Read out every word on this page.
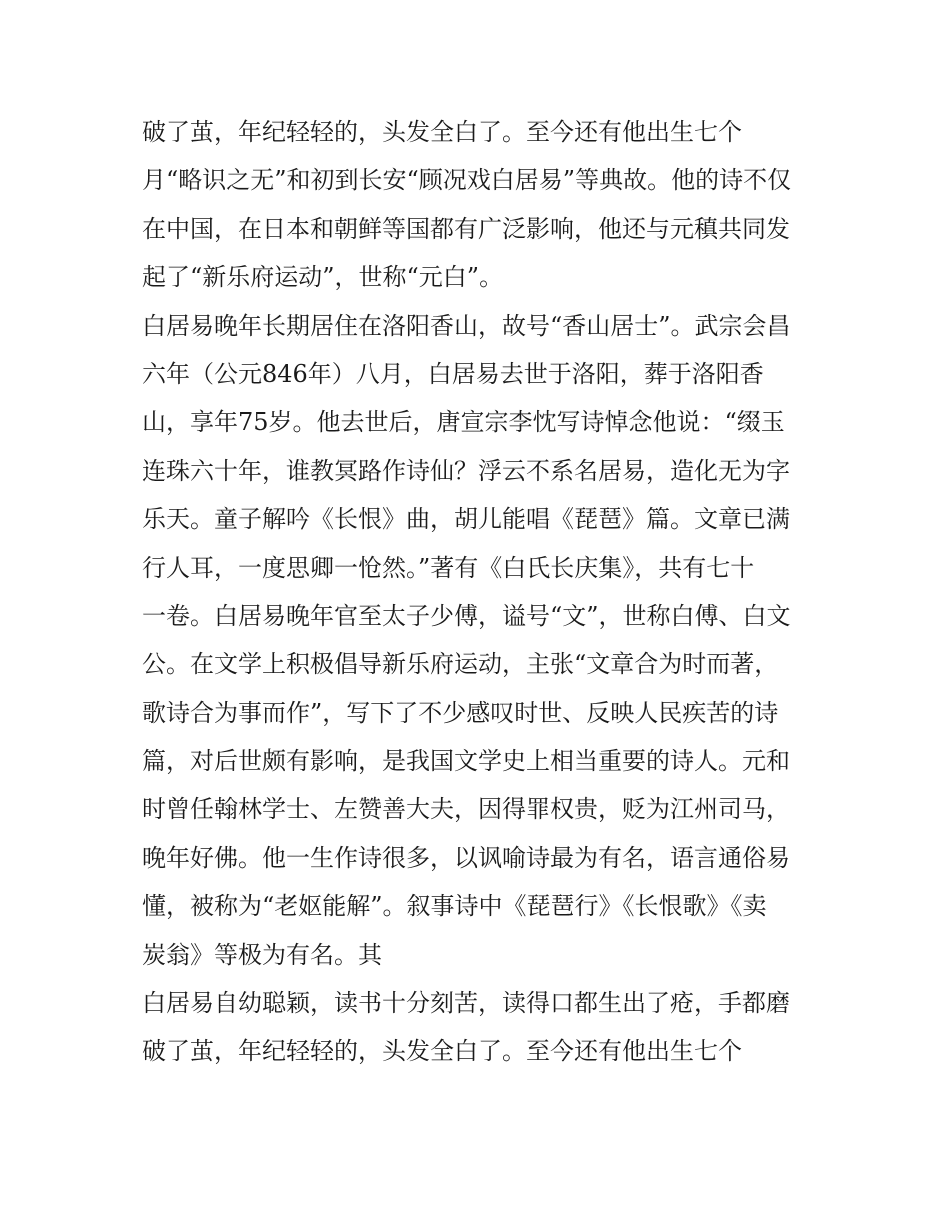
破了茧，年纪轻轻的，头发全白了。至今还有他出生七个
月“略识之无”和初到长安“顾况戏白居易”等典故。他的诗不仅
在中国，在日本和朝鲜等国都有广泛影响，他还与元稹共同发
起了“新乐府运动”，世称“元白”。
白居易晚年长期居住在洛阳香山，故号“香山居士”。武宗会昌
六年（公元846年）八月，白居易去世于洛阳，葬于洛阳香
山，享年75岁。他去世后，唐宣宗李忱写诗悼念他说：“缀玉
连珠六十年，谁教冥路作诗仙？浮云不系名居易，造化无为字
乐天。童子解吟《长恨》曲，胡儿能唱《琵琶》篇。文章已满
行人耳，一度思卿一怆然。”著有《白氏长庆集》，共有七十
一卷。白居易晚年官至太子少傅，谥号“文”，世称白傅、白文
公。在文学上积极倡导新乐府运动，主张“文章合为时而著，
歌诗合为事而作”，写下了不少感叹时世、反映人民疾苦的诗
篇，对后世颇有影响，是我国文学史上相当重要的诗人。元和
时曾任翰林学士、左赞善大夫，因得罪权贵，贬为江州司马，
晚年好佛。他一生作诗很多，以讽喻诗最为有名，语言通俗易
懂，被称为“老妪能解”。叙事诗中《琵琶行》《长恨歌》《卖
炭翁》等极为有名。其
白居易自幼聪颖，读书十分刻苦，读得口都生出了疮，手都磨
破了茧，年纪轻轻的，头发全白了。至今还有他出生七个
